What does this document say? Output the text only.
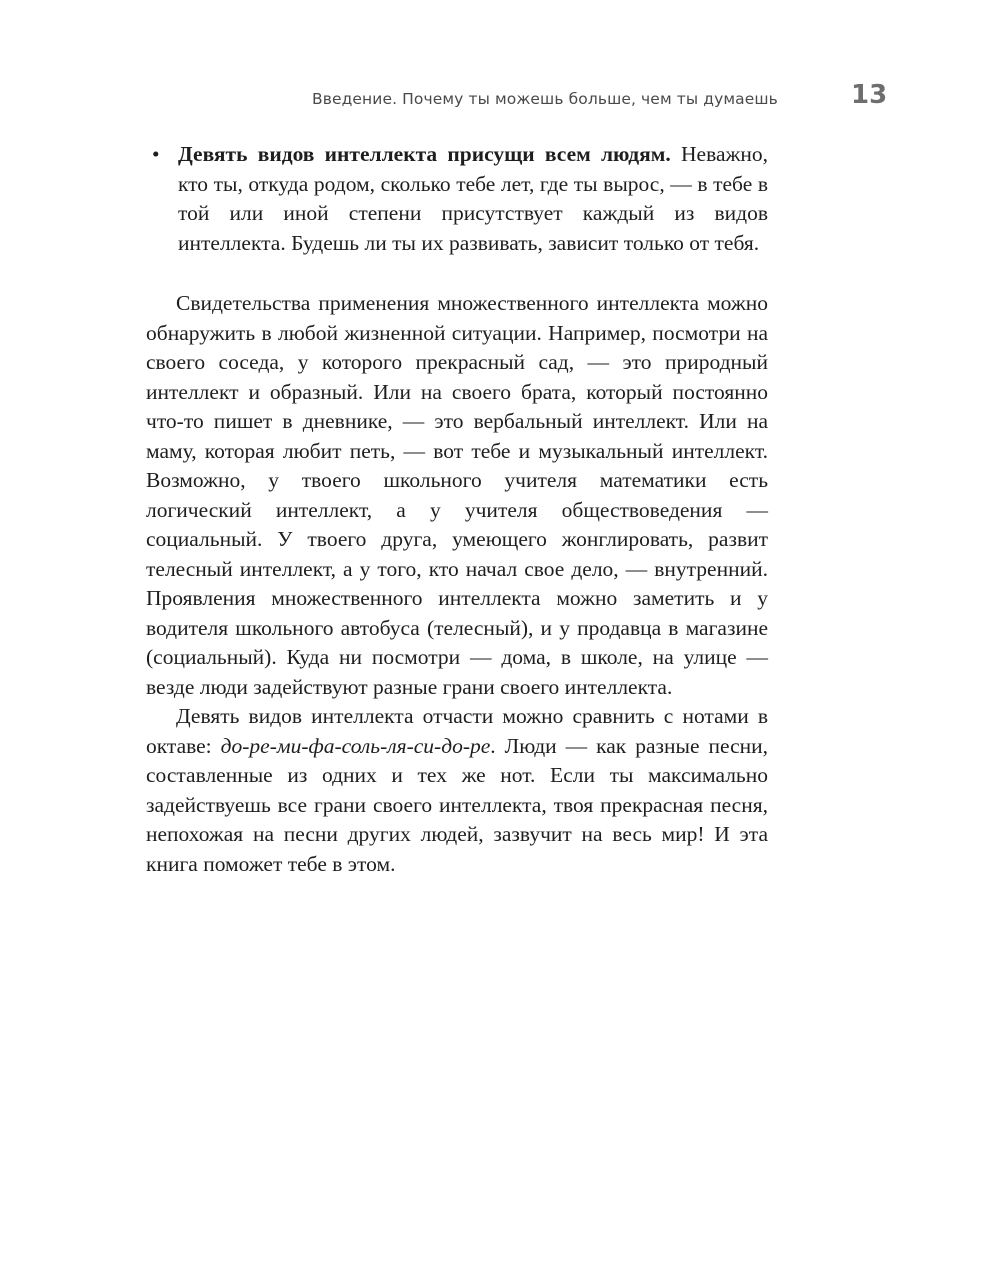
Введение. Почему ты можешь больше, чем ты думаешь	13
• Девять видов интеллекта присущи всем людям. Неважно, кто ты, откуда родом, сколько тебе лет, где ты вырос, — в тебе в той или иной степени присутствует каждый из видов интеллекта. Будешь ли ты их развивать, зависит только от тебя.

Свидетельства применения множественного интеллекта можно обнаружить в любой жизненной ситуации. Например, посмотри на своего соседа, у которого прекрасный сад, — это природный интеллект и образный. Или на своего брата, который постоянно что-то пишет в дневнике, — это вербальный интеллект. Или на маму, которая любит петь, — вот тебе и музыкальный интеллект. Возможно, у твоего школьного учителя математики есть логический интеллект, а у учителя обществоведения — социальный. У твоего друга, умеющего жонглировать, развит телесный интеллект, а у того, кто начал свое дело, — внутренний. Проявления множественного интеллекта можно заметить и у водителя школьного автобуса (телесный), и у продавца в магазине (социальный). Куда ни посмотри — дома, в школе, на улице — везде люди задействуют разные грани своего интеллекта.

Девять видов интеллекта отчасти можно сравнить с нотами в октаве: до-ре-ми-фа-соль-ля-си-до-ре. Люди — как разные песни, составленные из одних и тех же нот. Если ты максимально задействуешь все грани своего интеллекта, твоя прекрасная песня, непохожая на песни других людей, зазвучит на весь мир! И эта книга поможет тебе в этом.
